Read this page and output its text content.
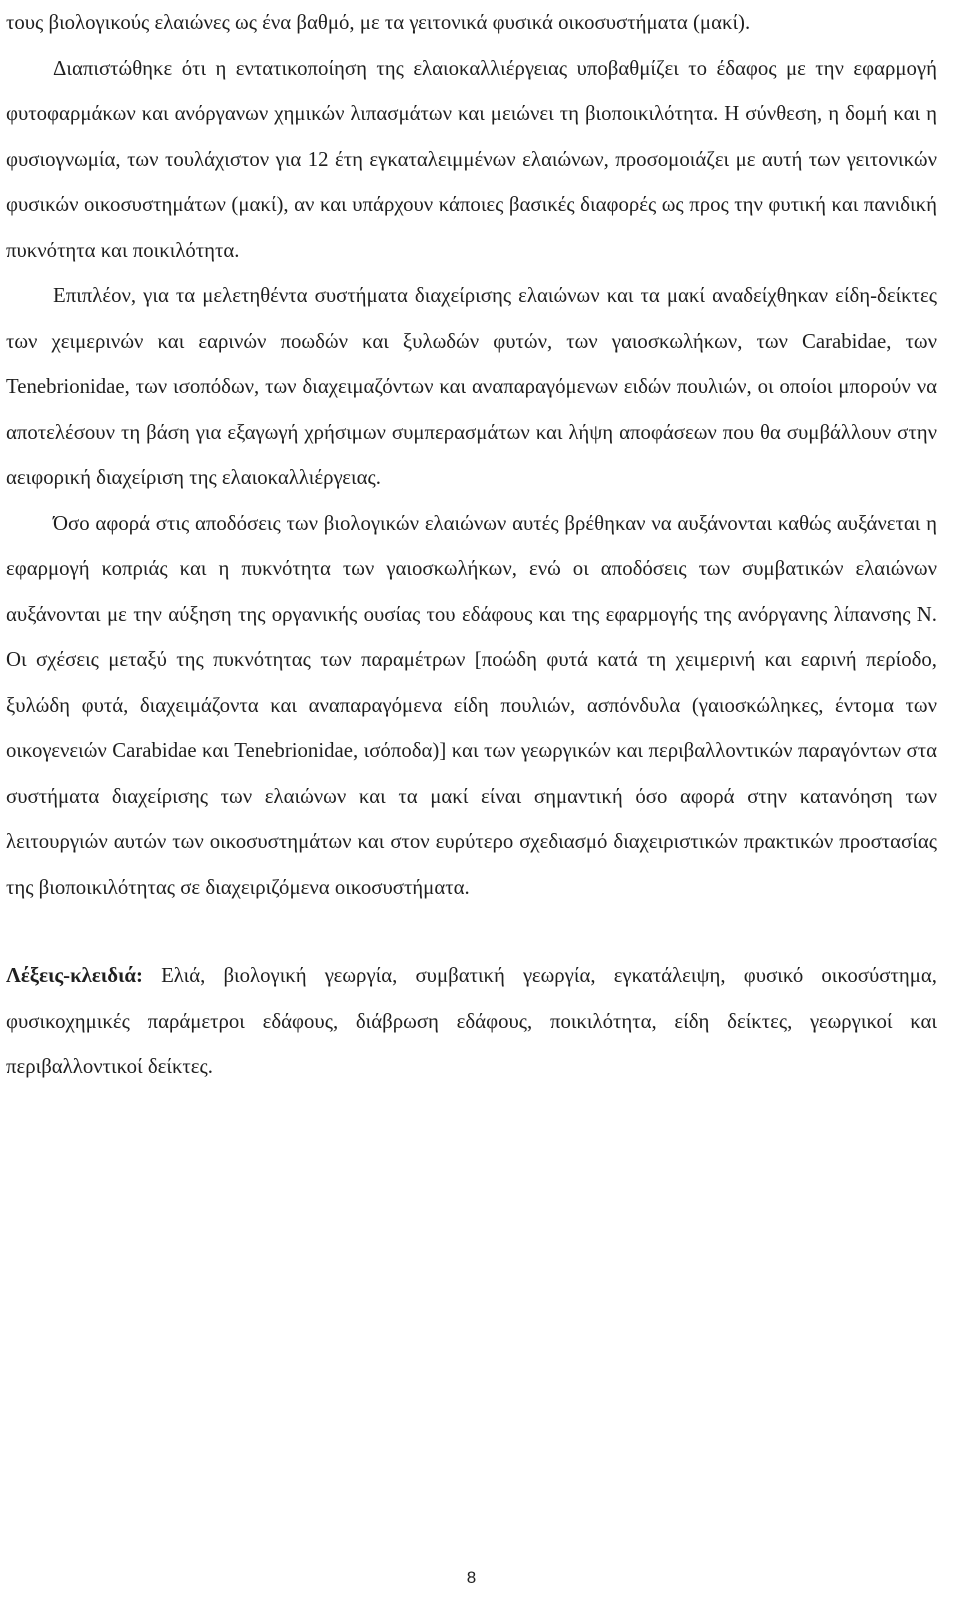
τους βιολογικούς ελαιώνες ως ένα βαθμό, με τα γειτονικά φυσικά οικοσυστήματα (μακί).

Διαπιστώθηκε ότι η εντατικοποίηση της ελαιοκαλλιέργειας υποβαθμίζει το έδαφος με την εφαρμογή φυτοφαρμάκων και ανόργανων χημικών λιπασμάτων και μειώνει τη βιοποικιλότητα. Η σύνθεση, η δομή και η φυσιογνωμία, των τουλάχιστον για 12 έτη εγκαταλειμμένων ελαιώνων, προσομοιάζει με αυτή των γειτονικών φυσικών οικοσυστημάτων (μακί), αν και υπάρχουν κάποιες βασικές διαφορές ως προς την φυτική και πανιδική πυκνότητα και ποικιλότητα.

Επιπλέον, για τα μελετηθέντα συστήματα διαχείρισης ελαιώνων και τα μακί αναδείχθηκαν είδη-δείκτες των χειμερινών και εαρινών ποωδών και ξυλωδών φυτών, των γαιοσκωλήκων, των Carabidae, των Tenebrionidae, των ισοπόδων, των διαχειμαζόντων και αναπαραγόμενων ειδών πουλιών, οι οποίοι μπορούν να αποτελέσουν τη βάση για εξαγωγή χρήσιμων συμπερασμάτων και λήψη αποφάσεων που θα συμβάλλουν στην αειφορική διαχείριση της ελαιοκαλλιέργειας.

Όσο αφορά στις αποδόσεις των βιολογικών ελαιώνων αυτές βρέθηκαν να αυξάνονται καθώς αυξάνεται η εφαρμογή κοπριάς και η πυκνότητα των γαιοσκωλήκων, ενώ οι αποδόσεις των συμβατικών ελαιώνων αυξάνονται με την αύξηση της οργανικής ουσίας του εδάφους και της εφαρμογής της ανόργανης λίπανσης N. Οι σχέσεις μεταξύ της πυκνότητας των παραμέτρων [ποώδη φυτά κατά τη χειμερινή και εαρινή περίοδο, ξυλώδη φυτά, διαχειμάζοντα και αναπαραγόμενα είδη πουλιών, ασπόνδυλα (γαιοσκώληκες, έντομα των οικογενειών Carabidae και Tenebrionidae, ισόποδα)] και των γεωργικών και περιβαλλοντικών παραγόντων στα συστήματα διαχείρισης των ελαιώνων και τα μακί είναι σημαντική όσο αφορά στην κατανόηση των λειτουργιών αυτών των οικοσυστημάτων και στον ευρύτερο σχεδιασμό διαχειριστικών πρακτικών προστασίας της βιοποικιλότητας σε διαχειριζόμενα οικοσυστήματα.

Λέξεις-κλειδιά: Ελιά, βιολογική γεωργία, συμβατική γεωργία, εγκατάλειψη, φυσικό οικοσύστημα, φυσικοχημικές παράμετροι εδάφους, διάβρωση εδάφους, ποικιλότητα, είδη δείκτες, γεωργικοί και περιβαλλοντικοί δείκτες.

8
